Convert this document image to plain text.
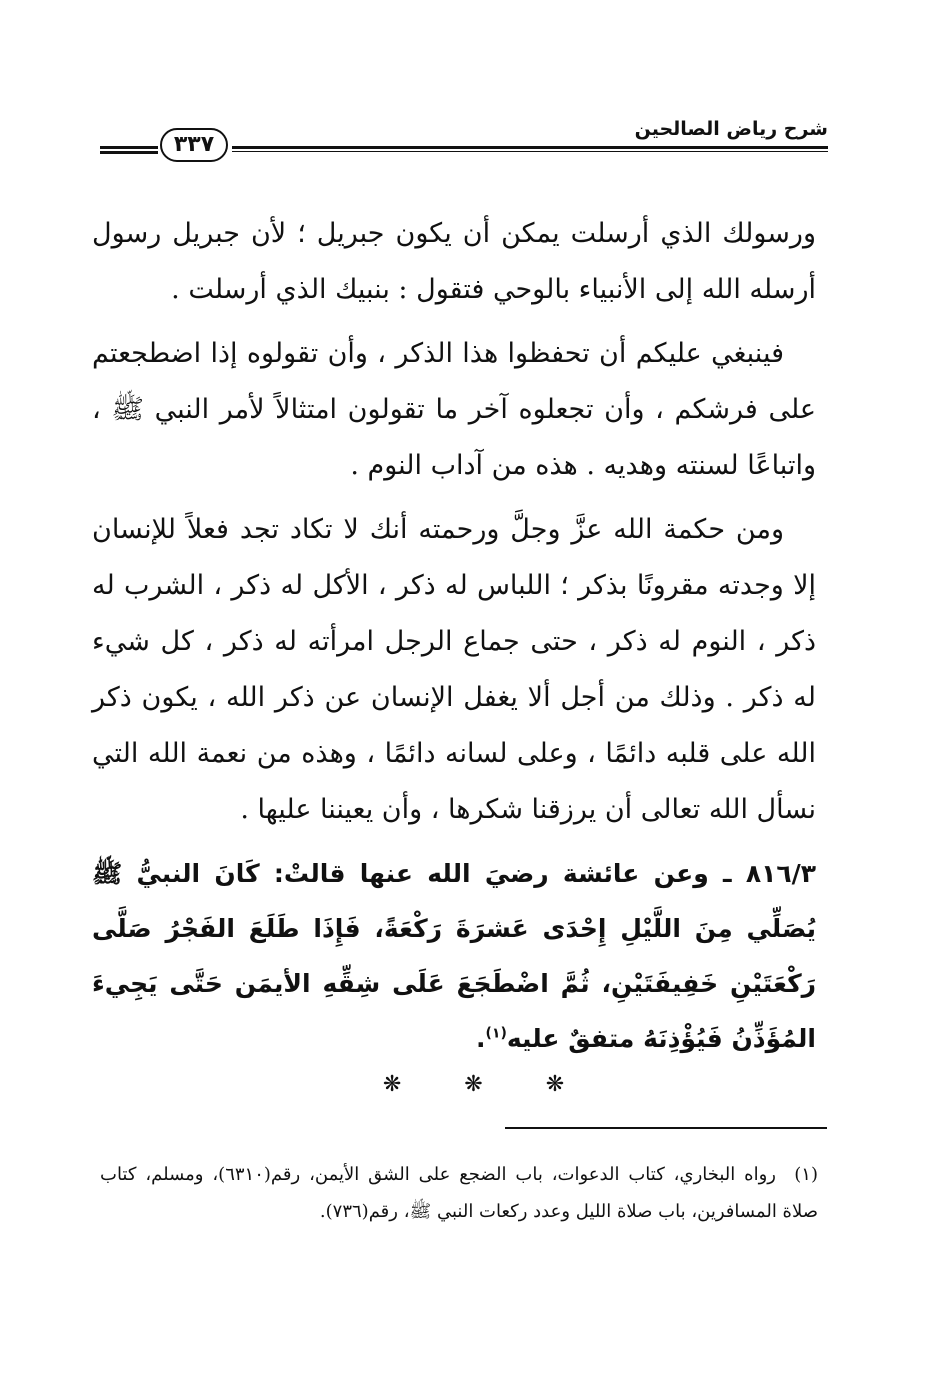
شرح رياض الصالحين
٣٣٧

ورسولك الذي أرسلت يمكن أن يكون جبريل ؛ لأن جبريل رسول أرسله الله إلى الأنبياء بالوحي فتقول : بنبيك الذي أرسلت .

فينبغي عليكم أن تحفظوا هذا الذكر ، وأن تقولوه إذا اضطجعتم على فرشكم ، وأن تجعلوه آخر ما تقولون امتثالاً لأمر النبي ﷺ ، واتباعًا لسنته وهديه . هذه من آداب النوم .

ومن حكمة الله عزَّ وجلَّ ورحمته أنك لا تكاد تجد فعلاً للإنسان إلا وجدته مقرونًا بذكر ؛ اللباس له ذكر ، الأكل له ذكر ، الشرب له ذكر ، النوم له ذكر ، حتى جماع الرجل امرأته له ذكر ، كل شيء له ذكر . وذلك من أجل ألا يغفل الإنسان عن ذكر الله ، يكون ذكر الله على قلبه دائمًا ، وعلى لسانه دائمًا ، وهذه من نعمة الله التي نسأل الله تعالى أن يرزقنا شكرها ، وأن يعيننا عليها .

٨١٦/٣ ـ وعن عائشة رضيَ الله عنها قالتْ: كَانَ النبيُّ ﷺ يُصَلِّي مِنَ اللَّيْلِ إِحْدَى عَشرَةَ رَكْعَةً، فَإِذَا طَلَعَ الفَجْرُ صَلَّى رَكْعَتَيْنِ خَفِيفَتَيْنِ، ثُمَّ اضْطَجَعَ عَلَى شِقِّهِ الأيمَن حَتَّى يَجِيءَ المُؤَذِّنُ فَيُؤْذِنَهُ متفقٌ عليه$^{(١)}$.

❋ ❋ ❋
(١)رواه البخاري، كتاب الدعوات، باب الضجع على الشق الأيمن، رقم(٦٣١٠)، ومسلم، كتاب صلاة المسافرين، باب صلاة الليل وعدد ركعات النبي ﷺ، رقم(٧٣٦).
